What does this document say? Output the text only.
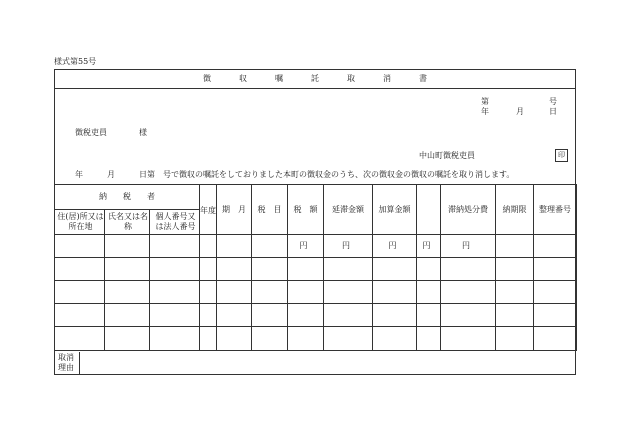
様式第55号
徴	収	嘱	託	取	消	書
第	号
年	月	日
徴税吏員	様
中山町徴税吏員	印
年	月	日第　号で徴収の嘱託をしておりました本町の徴収金のうち、次の徴収金の徴収の嘱託を取り消します。
納　　税　　者			年度	期　月	税　目	税　額	延滞金額	加算金額		滞納処分費	納期限	整理番号
住(居)所又は所在地	氏名又は名称	個人番号又は法人番号										
						円	円	円	円	円		

取消理由
